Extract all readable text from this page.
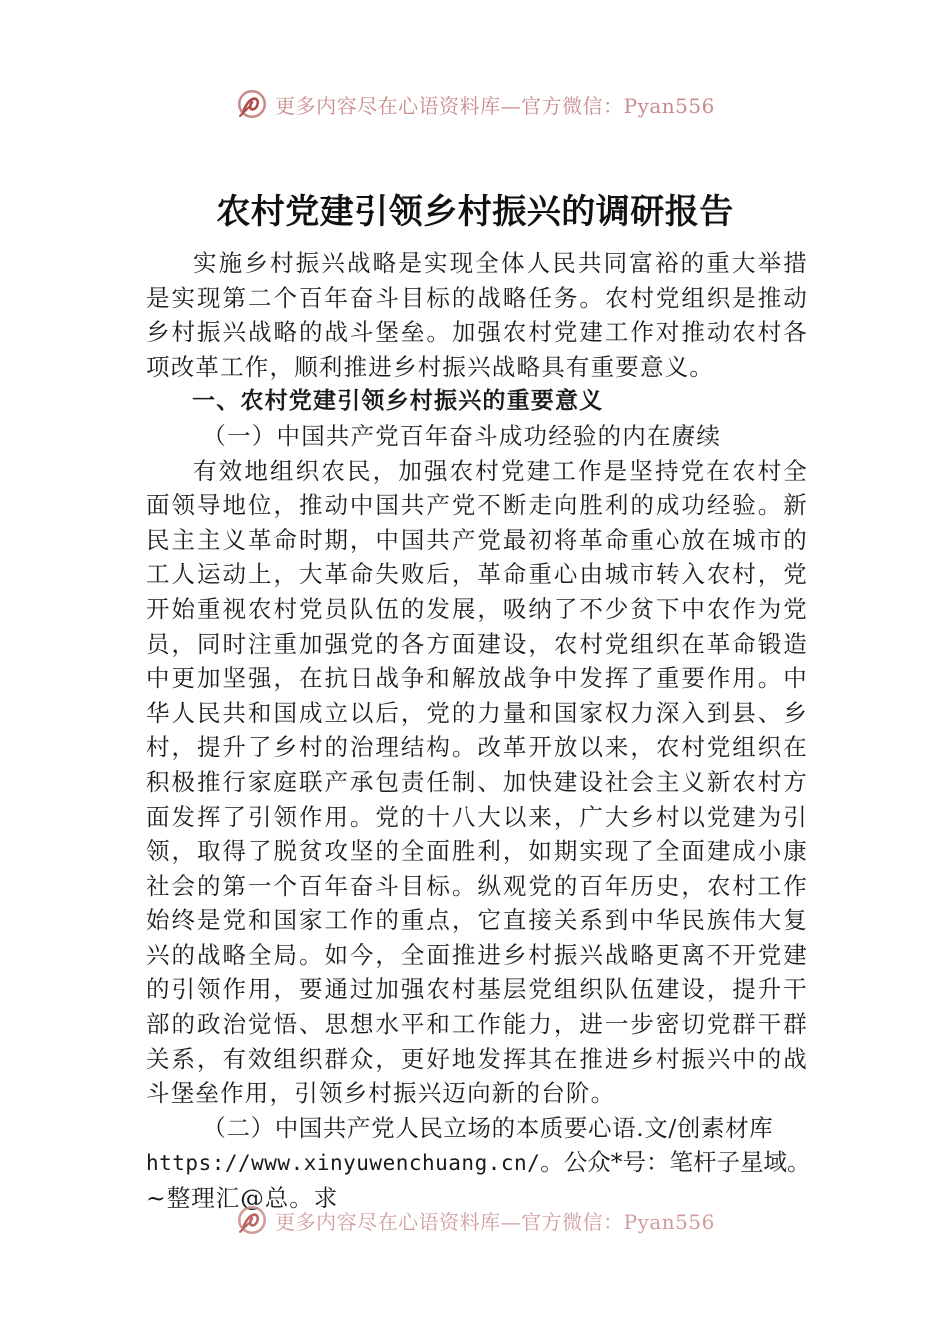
更多内容尽在心语资料库—官方微信：Pyan556
农村党建引领乡村振兴的调研报告

实施乡村振兴战略是实现全体人民共同富裕的重大举措是实现第二个百年奋斗目标的战略任务。农村党组织是推动乡村振兴战略的战斗堡垒。加强农村党建工作对推动农村各项改革工作，顺利推进乡村振兴战略具有重要意义。

一、农村党建引领乡村振兴的重要意义

（一）中国共产党百年奋斗成功经验的内在赓续

有效地组织农民，加强农村党建工作是坚持党在农村全面领导地位，推动中国共产党不断走向胜利的成功经验。新民主主义革命时期，中国共产党最初将革命重心放在城市的工人运动上，大革命失败后，革命重心由城市转入农村，党开始重视农村党员队伍的发展，吸纳了不少贫下中农作为党员，同时注重加强党的各方面建设，农村党组织在革命锻造中更加坚强，在抗日战争和解放战争中发挥了重要作用。中华人民共和国成立以后，党的力量和国家权力深入到县、乡村，提升了乡村的治理结构。改革开放以来，农村党组织在积极推行家庭联产承包责任制、加快建设社会主义新农村方面发挥了引领作用。党的十八大以来，广大乡村以党建为引领，取得了脱贫攻坚的全面胜利，如期实现了全面建成小康社会的第一个百年奋斗目标。纵观党的百年历史，农村工作始终是党和国家工作的重点，它直接关系到中华民族伟大复兴的战略全局。如今，全面推进乡村振兴战略更离不开党建的引领作用，要通过加强农村基层党组织队伍建设，提升干部的政治觉悟、思想水平和工作能力，进一步密切党群干群关系，有效组织群众，更好地发挥其在推进乡村振兴中的战斗堡垒作用，引领乡村振兴迈向新的台阶。

（二）中国共产党人民立场的本质要心语.文/创素材库

https://www.xinyuwenchuang.cn/。公众*号：笔杆子星域。

~整理汇@总。求

更多内容尽在心语资料库—官方微信：Pyan556
